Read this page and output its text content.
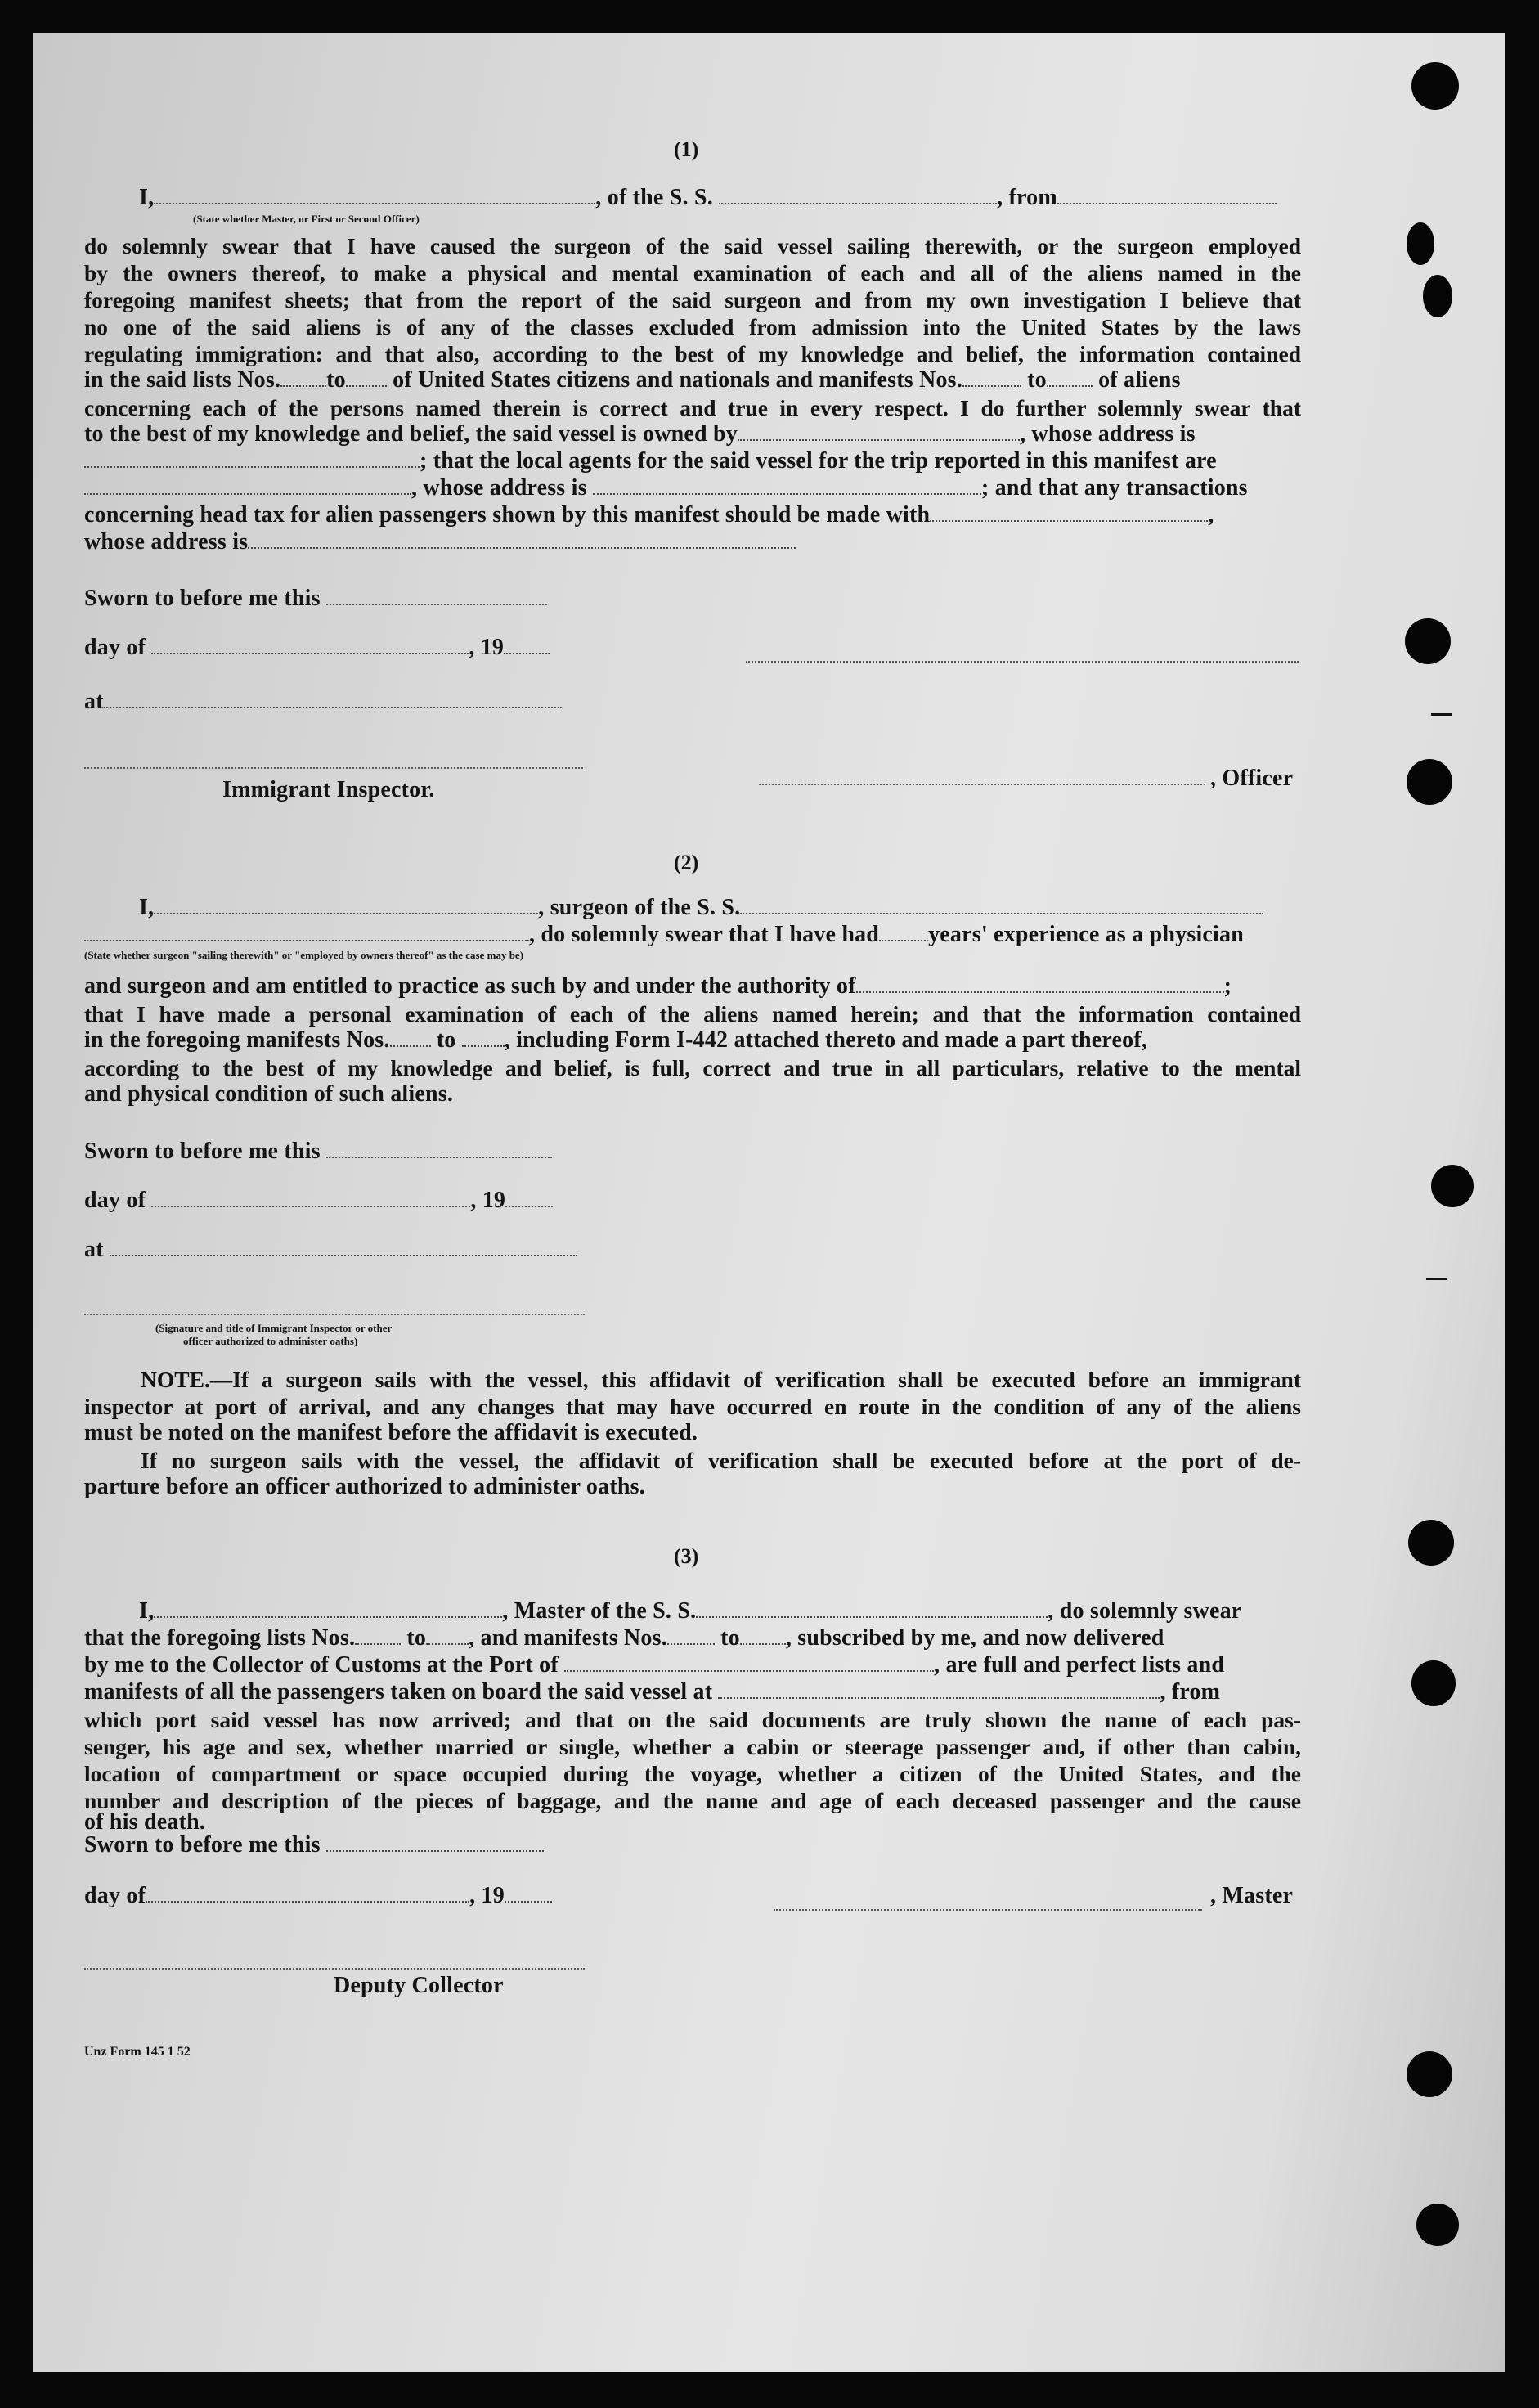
(1)
I,	, of the S. S.	, from
(State whether Master, or First or Second Officer)
do solemnly swear that I have caused the surgeon of the said vessel sailing therewith, or the surgeon employed
by the owners thereof, to make a physical and mental examination of each and all of the aliens named in the
foregoing manifest sheets; that from the report of the said surgeon and from my own investigation I believe that
no one of the said aliens is of any of the classes excluded from admission into the United States by the laws
regulating immigration: and that also, according to the best of my knowledge and belief, the information contained
in the said lists Nos. to of United States citizens and nationals and manifests Nos.	to of aliens
concerning each of the persons named therein is correct and true in every respect. I do further solemnly swear that
to the best of my knowledge and belief, the said vessel is owned by	, whose address is
; that the local agents for the said vessel for the trip reported in this manifest are
, whose address is	; and that any transactions
concerning head tax for alien passengers shown by this manifest should be made with	,
whose address is
Sworn to before me this
day of	, 19
at
Immigrant Inspector.	, Officer
(2)
I,	, surgeon of the S. S.
, do solemnly swear that I have had years' experience as a physician
(State whether surgeon "sailing therewith" or "employed by owners thereof" as the case may be)
and surgeon and am entitled to practice as such by and under the authority of	;
that I have made a personal examination of each of the aliens named herein; and that the information contained
in the foregoing manifests Nos. to , including Form I-442 attached thereto and made a part thereof,
according to the best of my knowledge and belief, is full, correct and true in all particulars, relative to the mental
and physical condition of such aliens.
Sworn to before me this
day of	, 19
at
(Signature and title of Immigrant Inspector or other
officer authorized to administer oaths)
NOTE.—If a surgeon sails with the vessel, this affidavit of verification shall be executed before an immigrant
inspector at port of arrival, and any changes that may have occurred en route in the condition of any of the aliens
must be noted on the manifest before the affidavit is executed.
If no surgeon sails with the vessel, the affidavit of verification shall be executed before at the port of de-
parture before an officer authorized to administer oaths.
(3)
I,	, Master of the S. S.	, do solemnly swear
that the foregoing lists Nos. to , and manifests Nos. to , subscribed by me, and now delivered
by me to the Collector of Customs at the Port of	, are full and perfect lists and
manifests of all the passengers taken on board the said vessel at	, from
which port said vessel has now arrived; and that on the said documents are truly shown the name of each pas-
senger, his age and sex, whether married or single, whether a cabin or steerage passenger and, if other than cabin,
location of compartment or space occupied during the voyage, whether a citizen of the United States, and the
number and description of the pieces of baggage, and the name and age of each deceased passenger and the cause
of his death.
Sworn to before me this
day of	, 19	, Master
Deputy Collector
Unz Form 145 1 52
